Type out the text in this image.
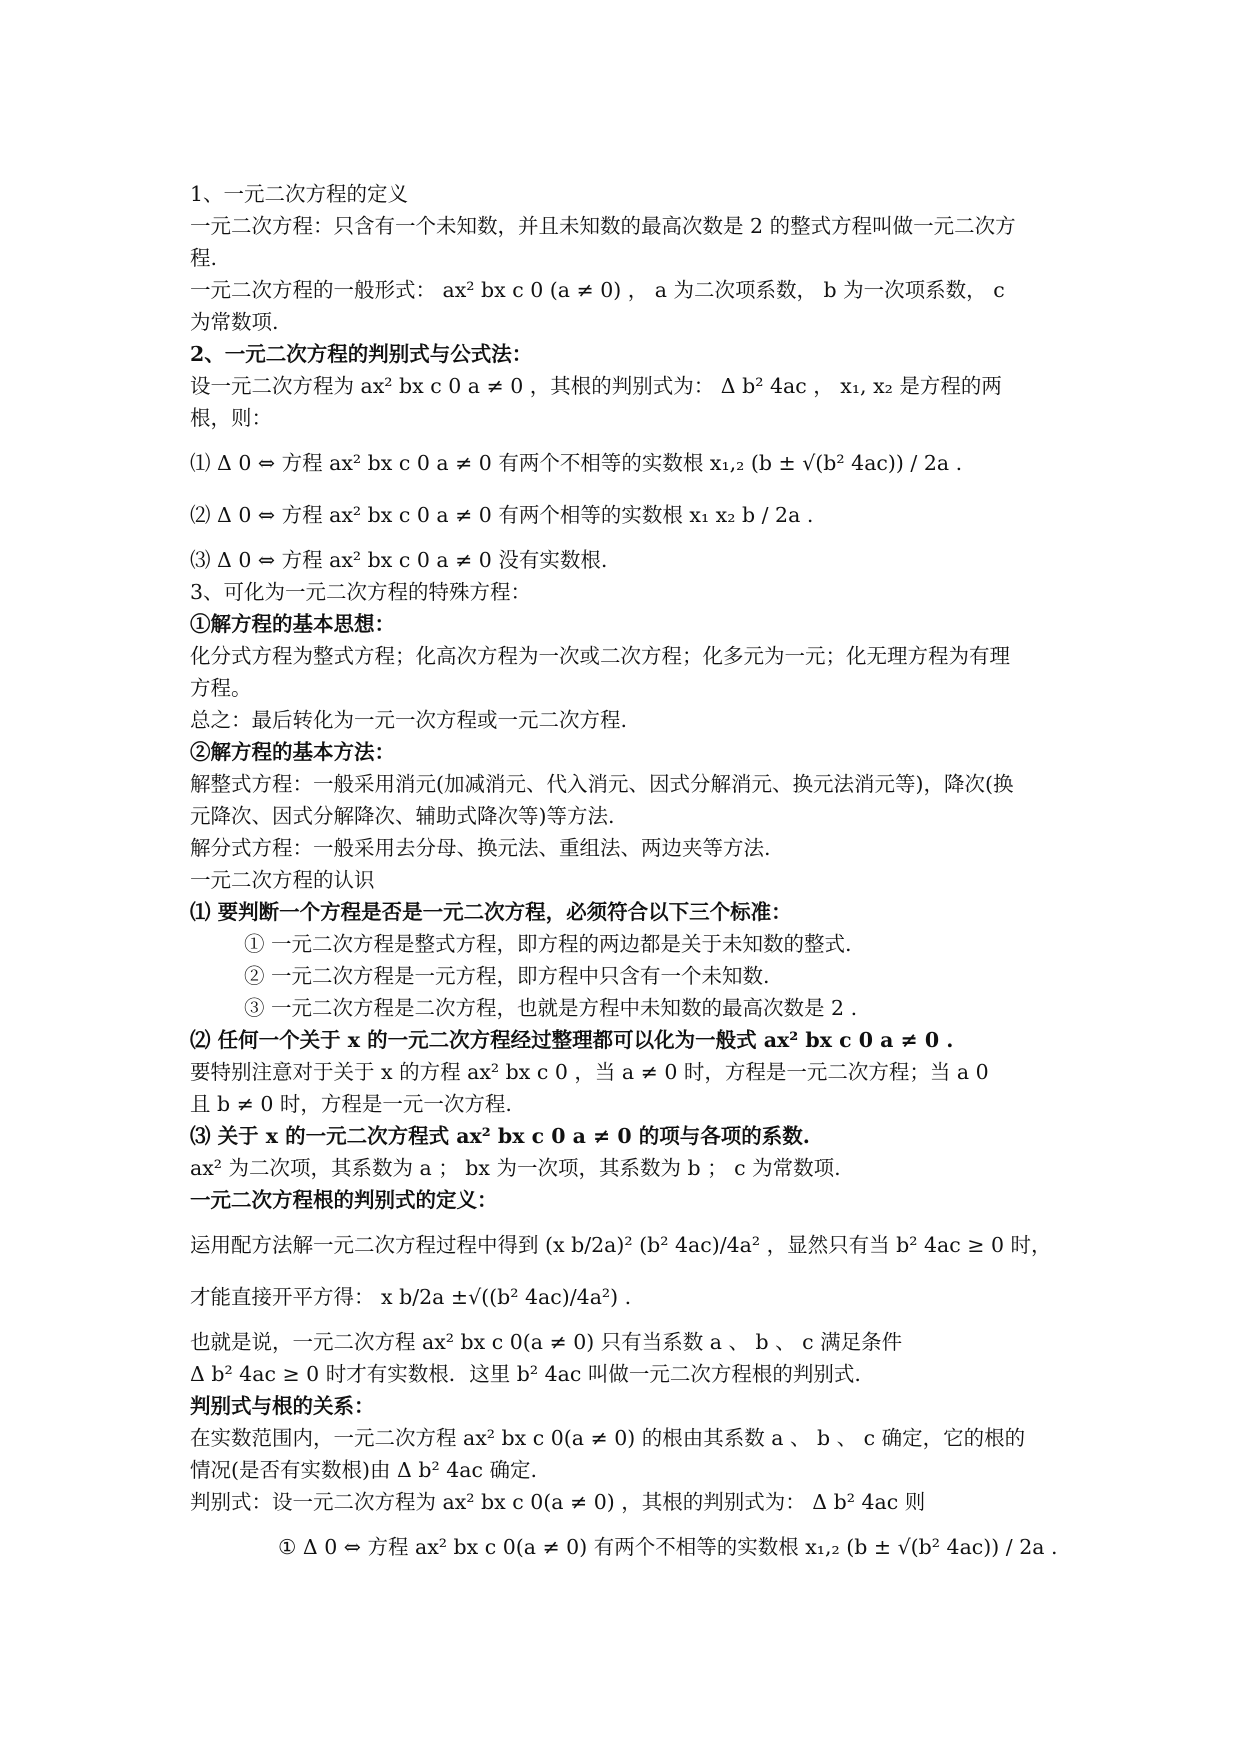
1、一元二次方程的定义
一元二次方程：只含有一个未知数，并且未知数的最高次数是 2 的整式方程叫做一元二次方
程.
一元二次方程的一般形式： ax² bx c 0 (a ≠ 0) ， a 为二次项系数， b 为一次项系数， c
为常数项.
2、一元二次方程的判别式与公式法：
设一元二次方程为 ax² bx c 0 a ≠ 0 ，其根的判别式为： Δ b² 4ac ， x₁, x₂ 是方程的两
根，则：
⑴ Δ 0 ⇔ 方程 ax² bx c 0 a ≠ 0 有两个不相等的实数根 x₁,₂ (b ± √(b² 4ac)) / 2a .
⑵ Δ 0 ⇔ 方程 ax² bx c 0 a ≠ 0 有两个相等的实数根 x₁ x₂ b / 2a .
⑶ Δ 0 ⇔ 方程 ax² bx c 0 a ≠ 0 没有实数根.
3、可化为一元二次方程的特殊方程：
①解方程的基本思想：
化分式方程为整式方程；化高次方程为一次或二次方程；化多元为一元；化无理方程为有理
方程。
总之：最后转化为一元一次方程或一元二次方程.
②解方程的基本方法：
解整式方程：一般采用消元(加减消元、代入消元、因式分解消元、换元法消元等)，降次(换
元降次、因式分解降次、辅助式降次等)等方法.
解分式方程：一般采用去分母、换元法、重组法、两边夹等方法.
一元二次方程的认识
⑴ 要判断一个方程是否是一元二次方程，必须符合以下三个标准：
① 一元二次方程是整式方程，即方程的两边都是关于未知数的整式.
② 一元二次方程是一元方程，即方程中只含有一个未知数.
③ 一元二次方程是二次方程，也就是方程中未知数的最高次数是 2 .
⑵ 任何一个关于 x 的一元二次方程经过整理都可以化为一般式 ax² bx c 0 a ≠ 0 .
要特别注意对于关于 x 的方程 ax² bx c 0 ，当 a ≠ 0 时，方程是一元二次方程；当 a 0
且 b ≠ 0 时，方程是一元一次方程.
⑶ 关于 x 的一元二次方程式 ax² bx c 0 a ≠ 0 的项与各项的系数.
ax² 为二次项，其系数为 a ； bx 为一次项，其系数为 b ； c 为常数项.
一元二次方程根的判别式的定义：
运用配方法解一元二次方程过程中得到 (x b/2a)² (b² 4ac)/4a² ，显然只有当 b² 4ac ≥ 0 时，
才能直接开平方得： x b/2a ±√((b² 4ac)/4a²) .
也就是说，一元二次方程 ax² bx c 0(a ≠ 0) 只有当系数 a 、 b 、 c 满足条件
Δ b² 4ac ≥ 0 时才有实数根．这里 b² 4ac 叫做一元二次方程根的判别式.
判别式与根的关系：
在实数范围内，一元二次方程 ax² bx c 0(a ≠ 0) 的根由其系数 a 、 b 、 c 确定，它的根的
情况(是否有实数根)由 Δ b² 4ac 确定.
判别式：设一元二次方程为 ax² bx c 0(a ≠ 0) ，其根的判别式为： Δ b² 4ac 则
① Δ 0 ⇔ 方程 ax² bx c 0(a ≠ 0) 有两个不相等的实数根 x₁,₂ (b ± √(b² 4ac)) / 2a .
